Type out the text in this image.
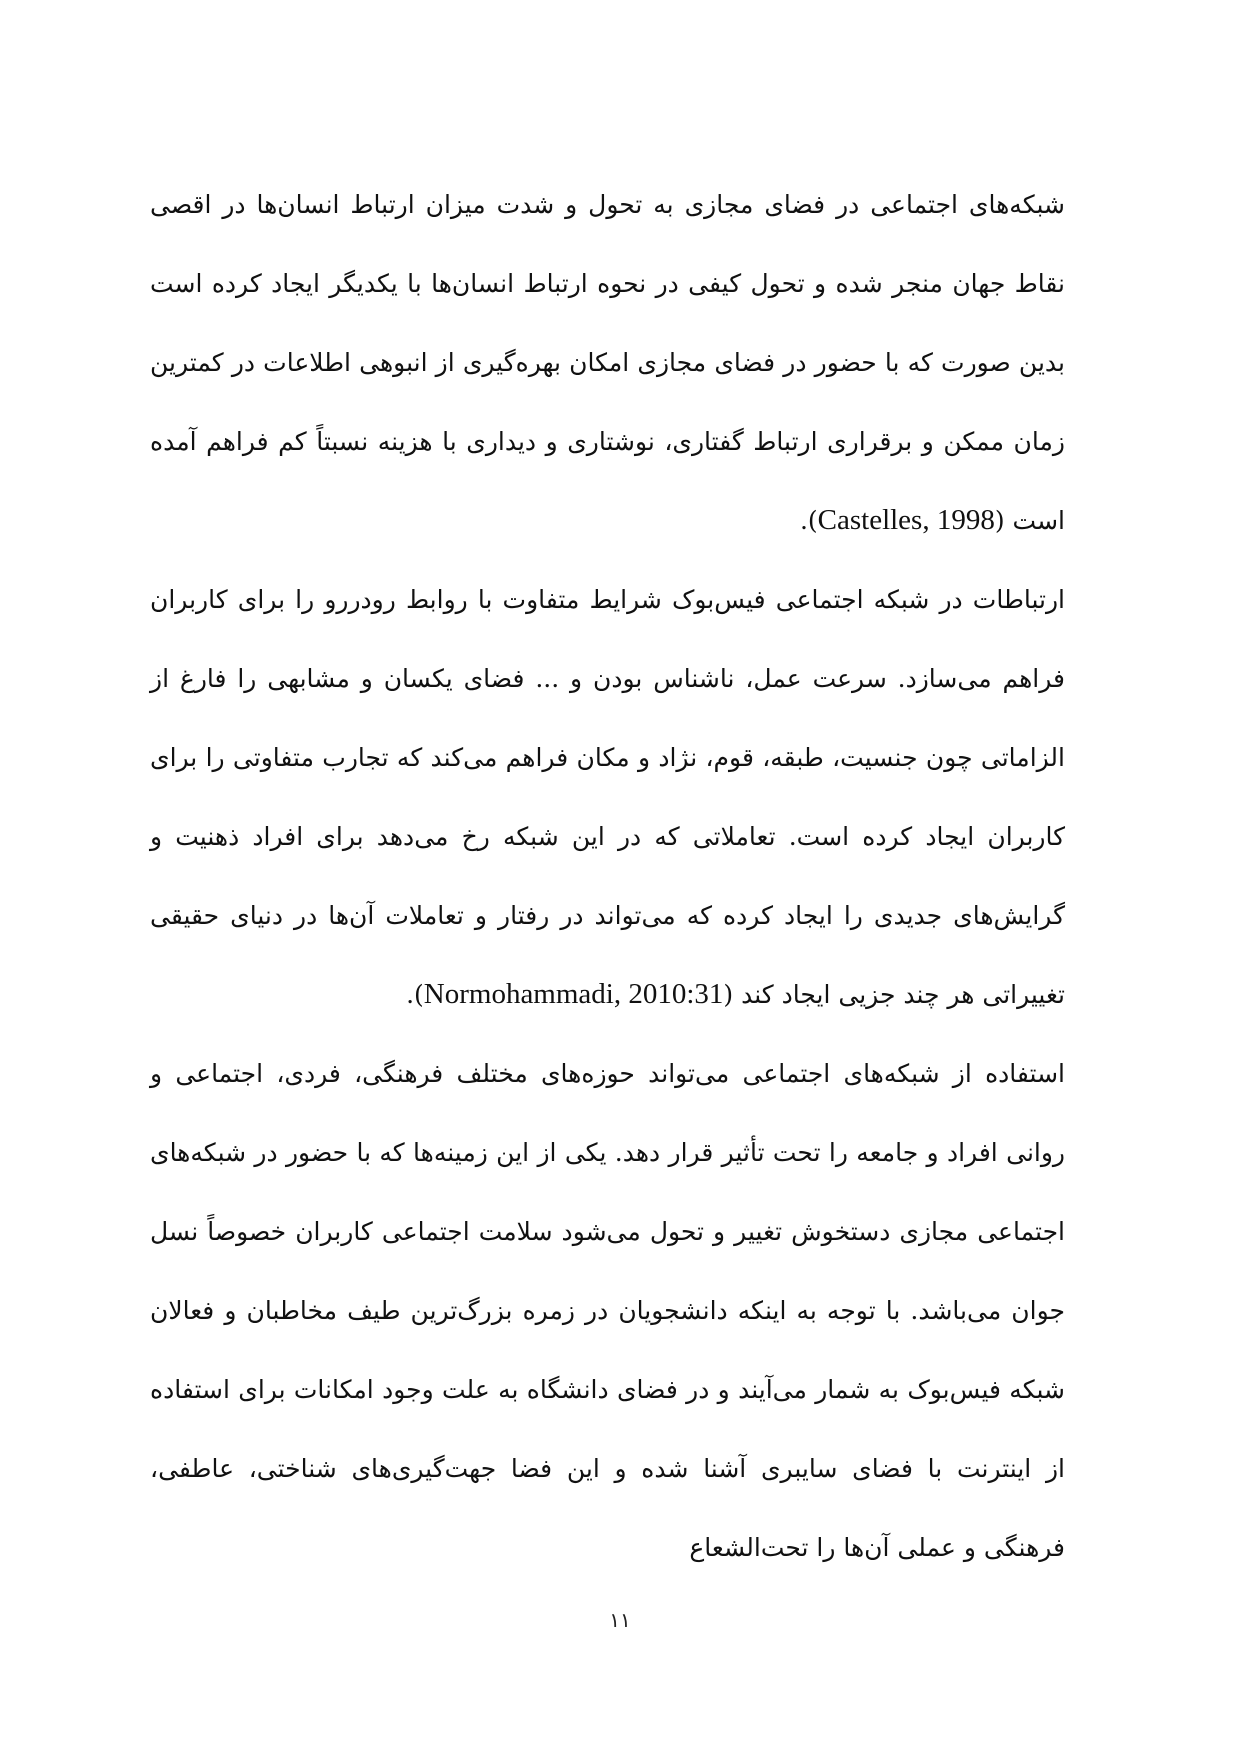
شبکه‌های اجتماعی در فضای مجازی به تحول و شدت میزان ارتباط انسان‌ها در اقصی نقاط جهان منجر شده و تحول کیفی در نحوه ارتباط انسان‌ها با یکدیگر ایجاد کرده است بدین صورت که با حضور در فضای مجازی امکان بهره‌گیری از انبوهی اطلاعات در کمترین زمان ممکن و برقراری ارتباط گفتاری، نوشتاری و دیداری با هزینه نسبتاً کم فراهم آمده است (Castelles, 1998).

ارتباطات در شبکه اجتماعی فیس‌بوک شرایط متفاوت با روابط رودررو را برای کاربران فراهم می‌سازد. سرعت عمل، ناشناس بودن و ... فضای یکسان و مشابهی را فارغ از الزاماتی چون جنسیت، طبقه، قوم، نژاد و مکان فراهم می‌کند که تجارب متفاوتی را برای کاربران ایجاد کرده است. تعاملاتی که در این شبکه رخ می‌دهد برای افراد ذهنیت و گرایش‌های جدیدی را ایجاد کرده که می‌تواند در رفتار و تعاملات آن‌ها در دنیای حقیقی تغییراتی هر چند جزیی ایجاد کند (Normohammadi, 2010:31).

استفاده از شبکه‌های اجتماعی می‌تواند حوزه‌های مختلف فرهنگی، فردی، اجتماعی و روانی افراد و جامعه را تحت تأثیر قرار دهد. یکی از این زمینه‌ها که با حضور در شبکه‌های اجتماعی مجازی دستخوش تغییر و تحول می‌شود سلامت اجتماعی کاربران خصوصاً نسل جوان می‌باشد. با توجه به اینکه دانشجویان در زمره بزرگ‌ترین طیف مخاطبان و فعالان شبکه فیس‌بوک به شمار می‌آیند و در فضای دانشگاه به علت وجود امکانات برای استفاده از اینترنت با فضای سایبری آشنا شده و این فضا جهت‌گیری‌های شناختی، عاطفی، فرهنگی و عملی آن‌ها را تحت‌الشعاع

۱۱
